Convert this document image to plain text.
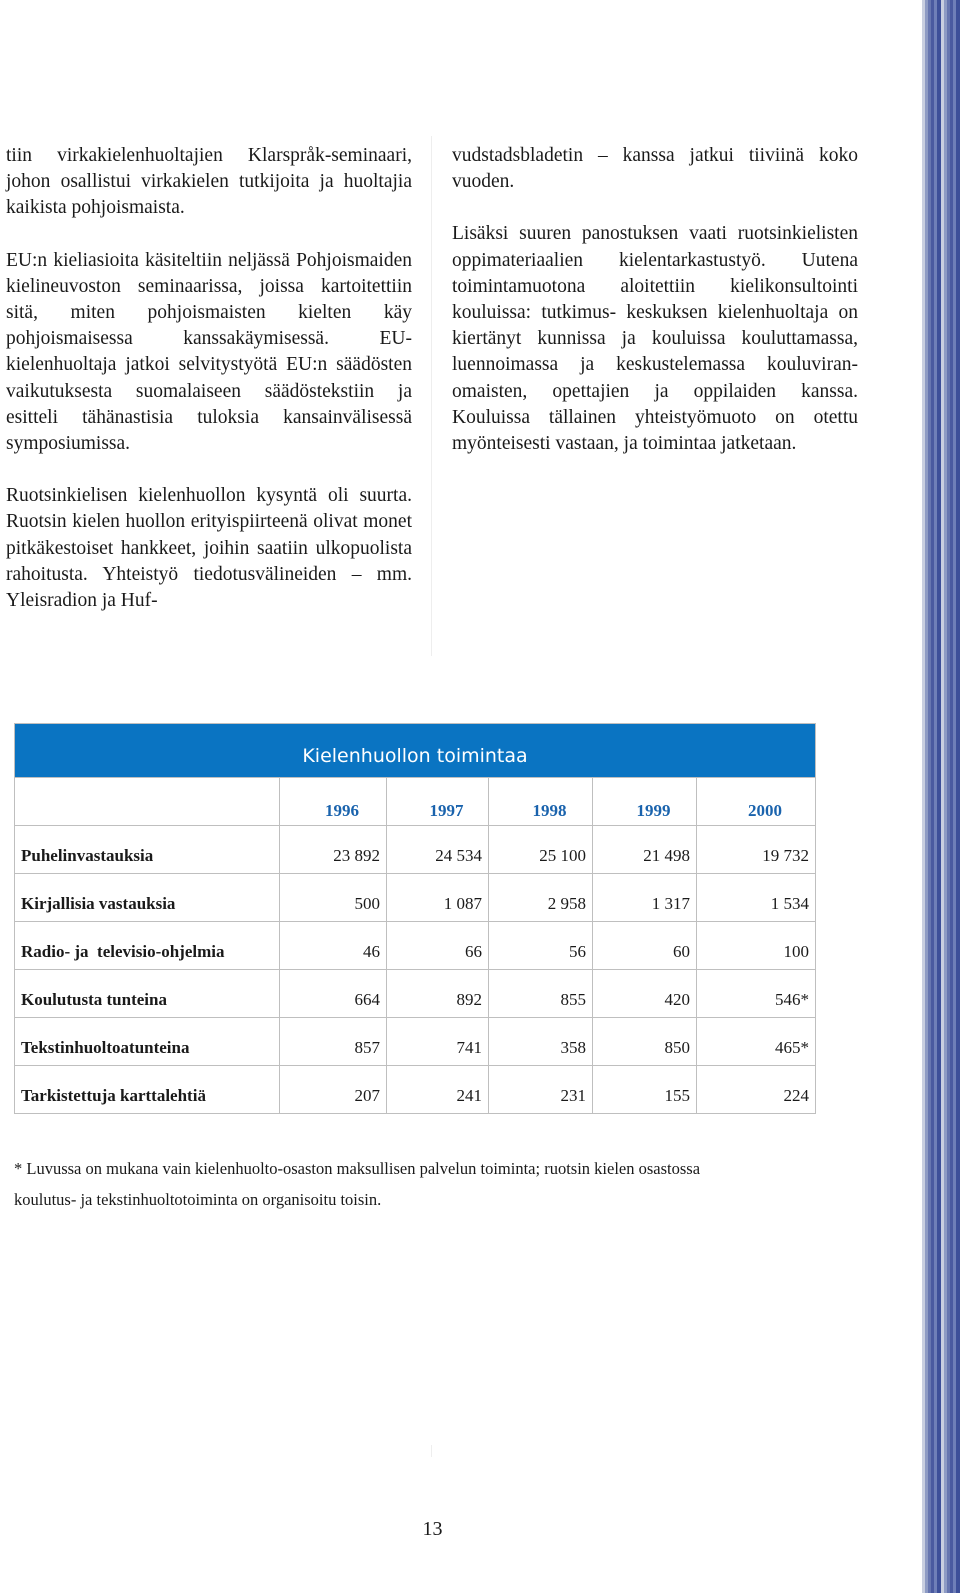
tiin virkakielenhuoltajien Klarspråk-seminaari, johon osallistui virkakielen tutkijoita ja huoltajia kaikista pohjoismaista.

EU:n kieliasioita käsiteltiin neljässä Pohjoismaiden kielineuvoston seminaarissa, joissa kartoitettiin sitä, miten pohjoismaisten kielten käy pohjoismaisessa kanssakäymisessä. EU-kielenhuoltaja jatkoi selvitystyötä EU:n säädösten vaikutuksesta suomalaiseen säädöstekstiin ja esitteli tähänastisia tuloksia kansainvälisessä symposiumissa.

Ruotsinkielisen kielenhuollon kysyntä oli suurta. Ruotsin kielen huollon erityispiirteenä olivat monet pitkäkestoiset hankkeet, joihin saatiin ulkopuolista rahoitusta. Yhteistyö tiedotusvälineiden – mm. Yleisradion ja Huf-

vudstadsbladetin – kanssa jatkui tiiviinä koko vuoden.

Lisäksi suuren panostuksen vaati ruotsinkielisten oppimateriaalien kielentarkastustyö. Uutena toimintamuotona aloitettiin kielikonsultointi kouluissa: tutkimus- keskuksen kielenhuoltaja on kiertänyt kunnissa ja kouluissa kouluttamassa, luennoimassa ja keskustelemassa kouluviran- omaisten, opettajien ja oppilaiden kanssa. Kouluissa tällainen yhteistyömuoto on otettu myönteisesti vastaan, ja toimintaa jatketaan.

Kielenhuollon toimintaa					
	1996	1997	1998	1999	2000
Puhelinvastauksia	23 892	24 534	25 100	21 498	19 732
Kirjallisia vastauksia	500	1 087	2 958	1 317	1 534
Radio- ja  televisio-ohjelmia	46	66	56	60	100
Koulutusta tunteina	664	892	855	420	546*
Tekstinhuoltoatunteina	857	741	358	850	465*
Tarkistettuja karttalehtiä	207	241	231	155	224
* Luvussa on mukana vain kielenhuolto-osaston maksullisen palvelun toiminta; ruotsin kielen osastossa
koulutus- ja tekstinhuoltotoiminta on organisoitu toisin.
13
